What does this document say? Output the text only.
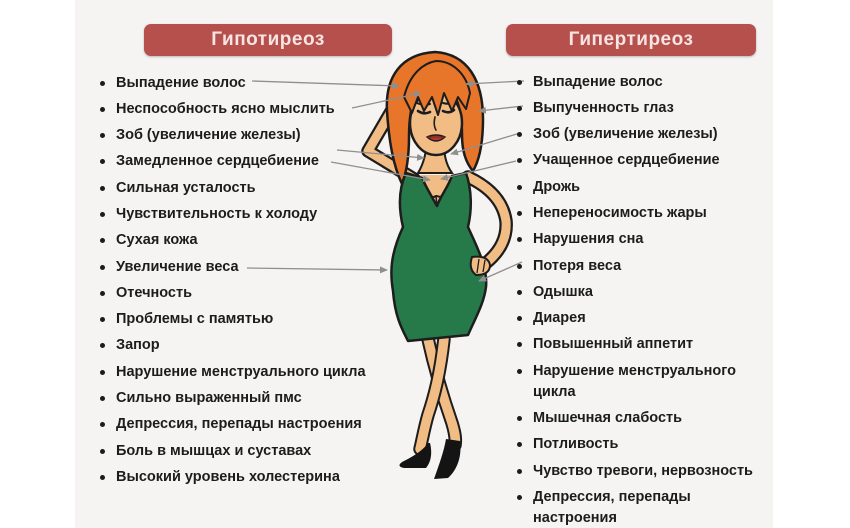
Гипотиреоз	Гипертиреоз
Выпадение волос
Неспособность ясно мыслить
Зоб (увеличение железы)
Замедленное сердцебиение
Сильная усталость
Чувствительность к холоду
Сухая кожа
Увеличение веса
Отечность
Проблемы с памятью
Запор
Нарушение менструального цикла
Сильно выраженный пмс
Депрессия, перепады настроения
Боль в мышцах и суставах
Высокий уровень холестерина
Выпадение волос
Выпученность глаз
Зоб (увеличение железы)
Учащенное сердцебиение
Дрожь
Непереносимость жары
Нарушения сна
Потеря веса
Одышка
Диарея
Повышенный аппетит
Нарушение менструального цикла
Мышечная слабость
Потливость
Чувство тревоги, нервозность
Депрессия, перепады настроения
